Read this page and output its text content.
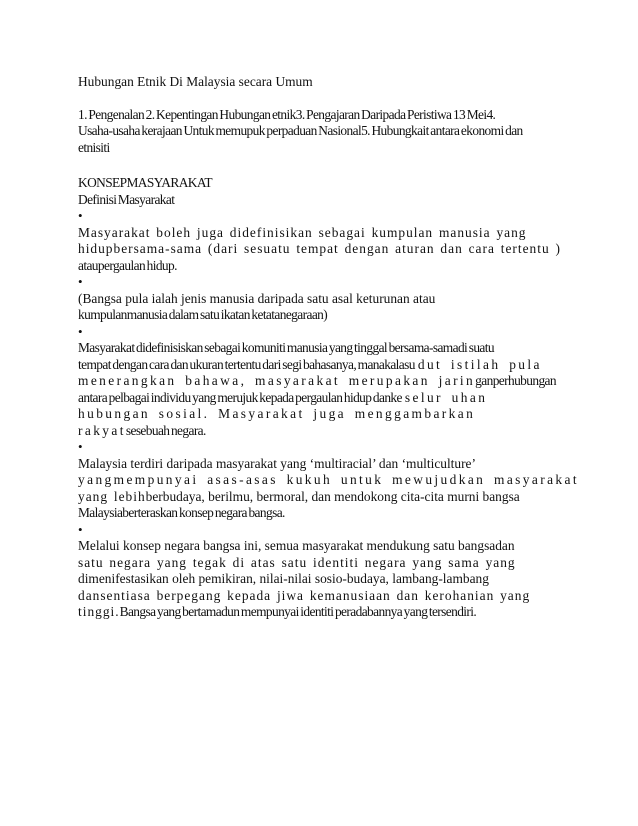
Hubungan Etnik Di Malaysia secara Umum
1. Pengenalan 2. Kepentingan Hubungan etnik3. Pengajaran Daripada Peristiwa 13 Mei4.
Usaha-usaha kerajaan Untuk memupuk perpaduan Nasional5. Hubungkait antara ekonomi dan
etnisiti
KONSEPMASYARAKAT
Definisi Masyarakat
•
Masyarakat boleh juga didefinisikan sebagai kumpulan manusia yang
hidupbersama-sama (dari sesuatu tempat dengan aturan dan cara tertentu )
ataupergaulan hidup.
•
(Bangsa pula ialah jenis manusia daripada satu asal keturunan atau
kumpulanmanusia dalam satu ikatan ketatanegaraan)
•
Masyarakat didefinisiskan sebagai komuniti manusia yang tinggal bersama-samadi suatu
tempat dengan cara dan ukuran tertentu dari segi bahasanya, manakalasudut istilah pula
menerangkan bahawa, masyarakat merupakan jaringanperhubungan
antara pelbagai individu yang merujuk kepada pergaulan hidup dankeselur uhan
hubungan sosial. Masyarakat juga menggambarkan
rakyatsesebuah negara.
•
Malaysia terdiri daripada masyarakat yang ‘multiracial’ dan ‘multiculture’
yangmempunyai asas-asas kukuh untuk mewujudkan masyarakat
yang lebihberbudaya, berilmu, bermoral, dan mendokong cita-cita murni bangsa
Malaysiaberteraskan konsep negara bangsa.
•
Melalui konsep negara bangsa ini, semua masyarakat mendukung satu bangsadan
satu negara yang tegak di atas satu identiti negara yang sama yang
dimenifestasikan oleh pemikiran, nilai-nilai sosio-budaya, lambang-lambang
dansentiasa berpegang kepada jiwa kemanusiaan dan kerohanian yang
tinggi.Bangsa yang bertamadun mempunyai identiti peradabannya yang tersendiri.
